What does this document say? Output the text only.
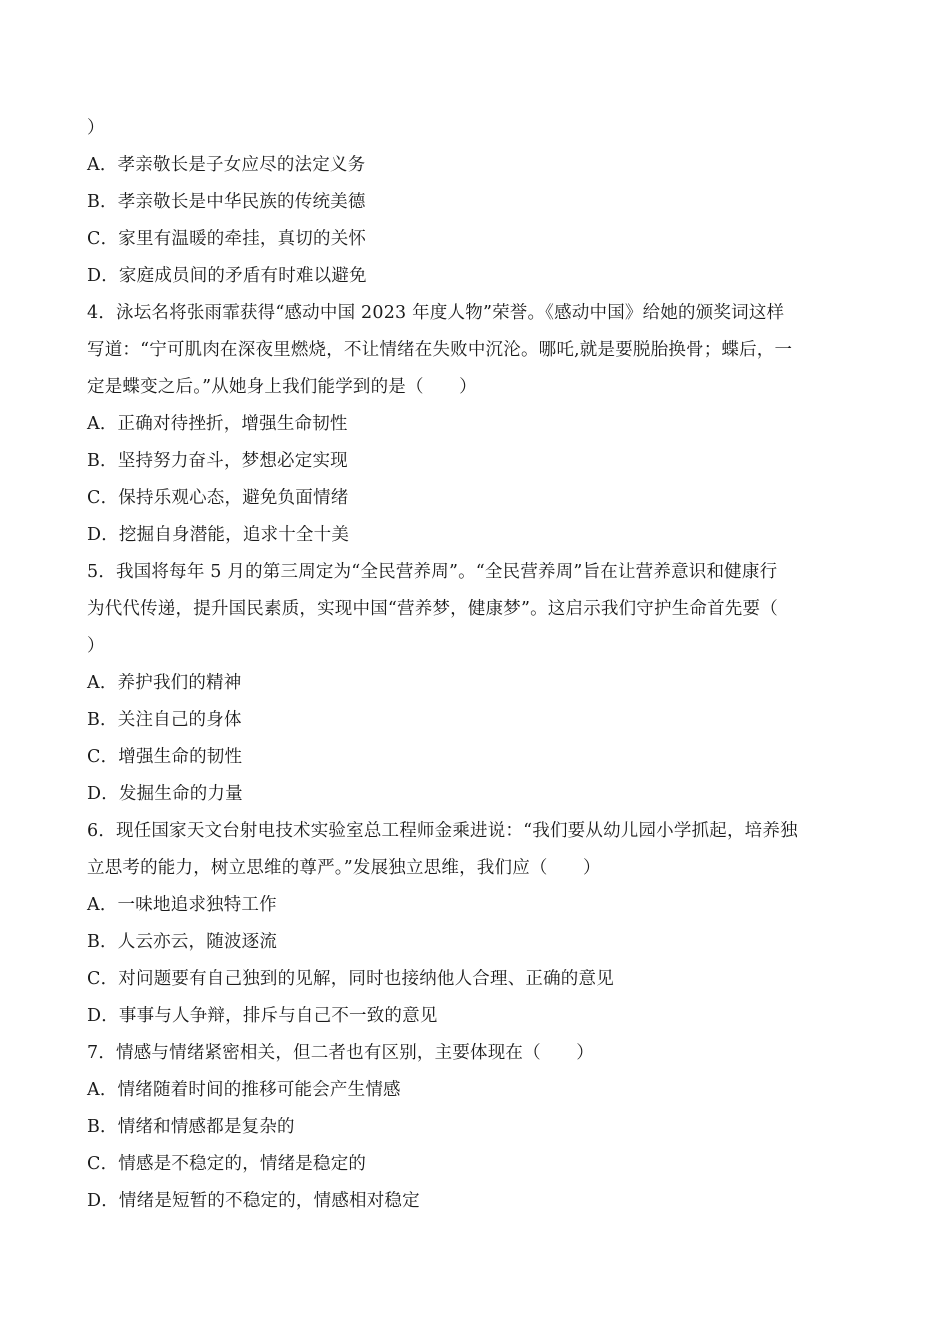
）
A．孝亲敬长是子女应尽的法定义务
B．孝亲敬长是中华民族的传统美德
C．家里有温暖的牵挂，真切的关怀
D．家庭成员间的矛盾有时难以避免
4．泳坛名将张雨霏获得“感动中国 2023 年度人物”荣誉。《感动中国》给她的颁奖词这样
写道：“宁可肌肉在深夜里燃烧，不让情绪在失败中沉沦。哪吒,就是要脱胎换骨；蝶后，一
定是蝶变之后。”从她身上我们能学到的是（　　）
A．正确对待挫折，增强生命韧性
B．坚持努力奋斗，梦想必定实现
C．保持乐观心态，避免负面情绪
D．挖掘自身潜能，追求十全十美
5．我国将每年 5 月的第三周定为“全民营养周”。“全民营养周”旨在让营养意识和健康行
为代代传递，提升国民素质，实现中国“营养梦，健康梦”。这启示我们守护生命首先要（
）
A．养护我们的精神
B．关注自己的身体
C．增强生命的韧性
D．发掘生命的力量
6．现任国家天文台射电技术实验室总工程师金乘进说：“我们要从幼儿园小学抓起，培养独
立思考的能力，树立思维的尊严。”发展独立思维，我们应（　　）
A．一味地追求独特工作
B．人云亦云，随波逐流
C．对问题要有自己独到的见解，同时也接纳他人合理、正确的意见
D．事事与人争辩，排斥与自己不一致的意见
7．情感与情绪紧密相关，但二者也有区别，主要体现在（　　）
A．情绪随着时间的推移可能会产生情感
B．情绪和情感都是复杂的
C．情感是不稳定的，情绪是稳定的
D．情绪是短暂的不稳定的，情感相对稳定
